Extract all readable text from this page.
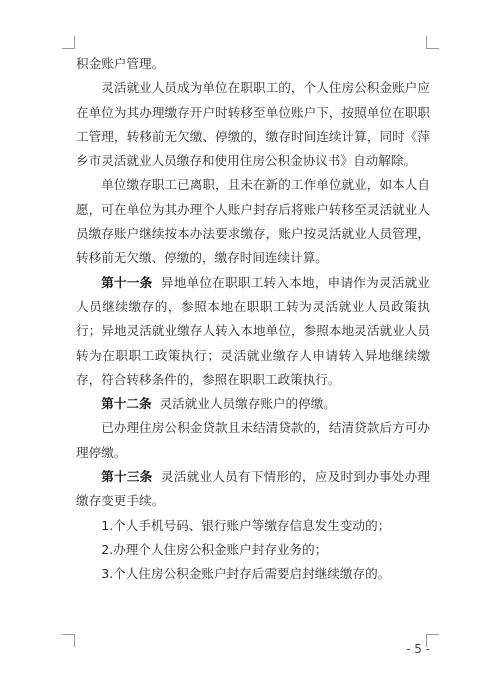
积金账户管理。

灵活就业人员成为单位在职职工的，个人住房公积金账户应在单位为其办理缴存开户时转移至单位账户下，按照单位在职职工管理，转移前无欠缴、停缴的，缴存时间连续计算，同时《萍乡市灵活就业人员缴存和使用住房公积金协议书》自动解除。

单位缴存职工已离职，且未在新的工作单位就业，如本人自愿，可在单位为其办理个人账户封存后将账户转移至灵活就业人员缴存账户继续按本办法要求缴存，账户按灵活就业人员管理，转移前无欠缴、停缴的，缴存时间连续计算。

第十一条 异地单位在职职工转入本地，申请作为灵活就业人员继续缴存的，参照本地在职职工转为灵活就业人员政策执行；异地灵活就业缴存人转入本地单位，参照本地灵活就业人员转为在职职工政策执行；灵活就业缴存人申请转入异地继续缴存，符合转移条件的，参照在职职工政策执行。

第十二条 灵活就业人员缴存账户的停缴。

已办理住房公积金贷款且未结清贷款的，结清贷款后方可办理停缴。

第十三条 灵活就业人员有下情形的，应及时到办事处办理缴存变更手续。

1.个人手机号码、银行账户等缴存信息发生变动的；

2.办理个人住房公积金账户封存业务的；

3.个人住房公积金账户封存后需要启封继续缴存的。

- 5 -
